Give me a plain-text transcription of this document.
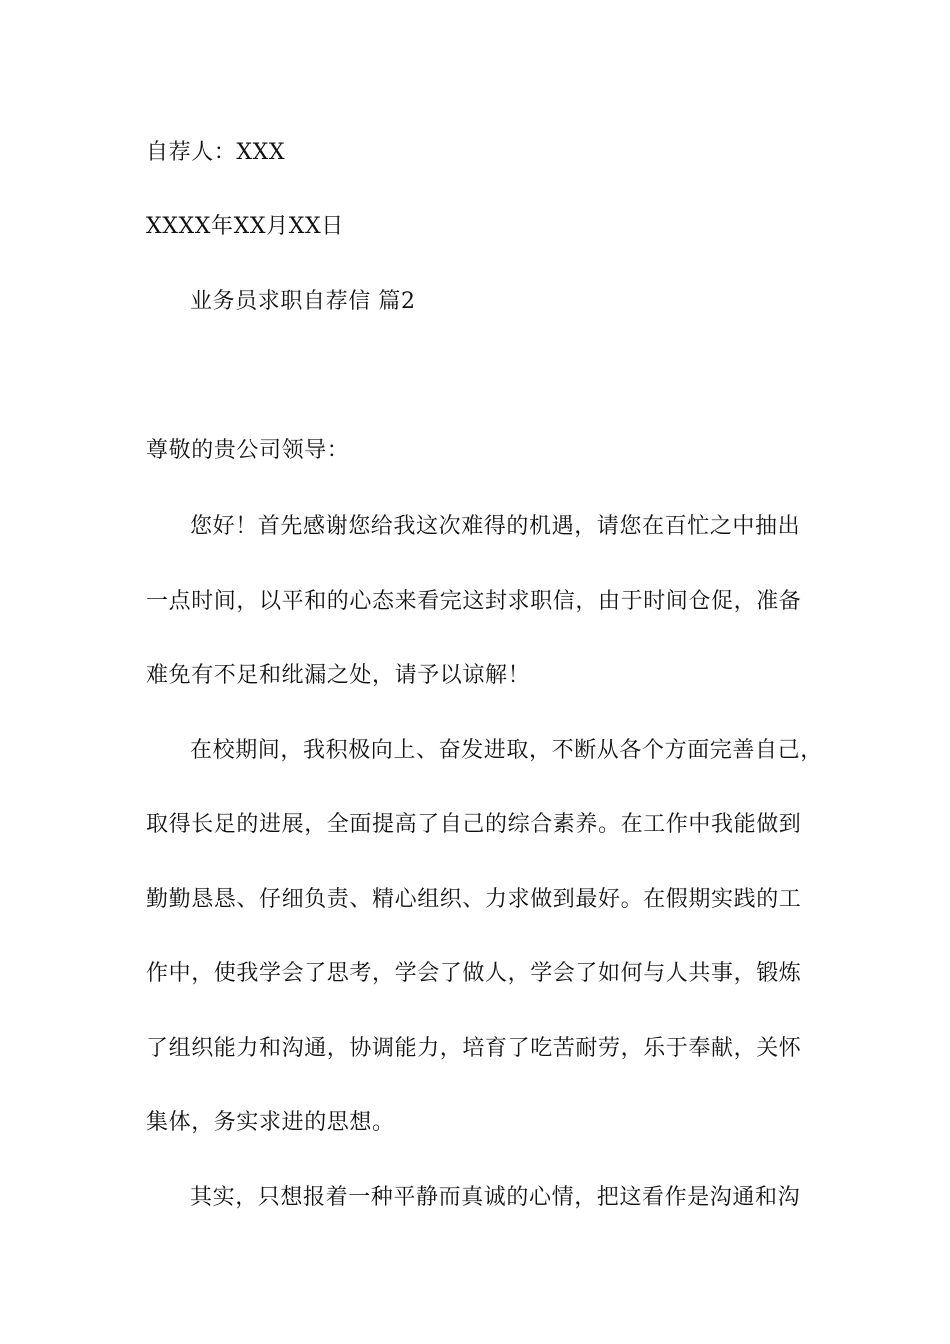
自荐人：XXX
XXXX年XX月XX日
业务员求职自荐信 篇2
尊敬的贵公司领导：
您好！首先感谢您给我这次难得的机遇，请您在百忙之中抽出
一点时间，以平和的心态来看完这封求职信，由于时间仓促，准备
难免有不足和纰漏之处，请予以谅解！
在校期间，我积极向上、奋发进取，不断从各个方面完善自己，
取得长足的进展，全面提高了自己的综合素养。在工作中我能做到
勤勤恳恳、仔细负责、精心组织、力求做到最好。在假期实践的工
作中，使我学会了思考，学会了做人，学会了如何与人共事，锻炼
了组织能力和沟通，协调能力，培育了吃苦耐劳，乐于奉献，关怀
集体，务实求进的思想。
其实，只想报着一种平静而真诚的心情，把这看作是沟通和沟
